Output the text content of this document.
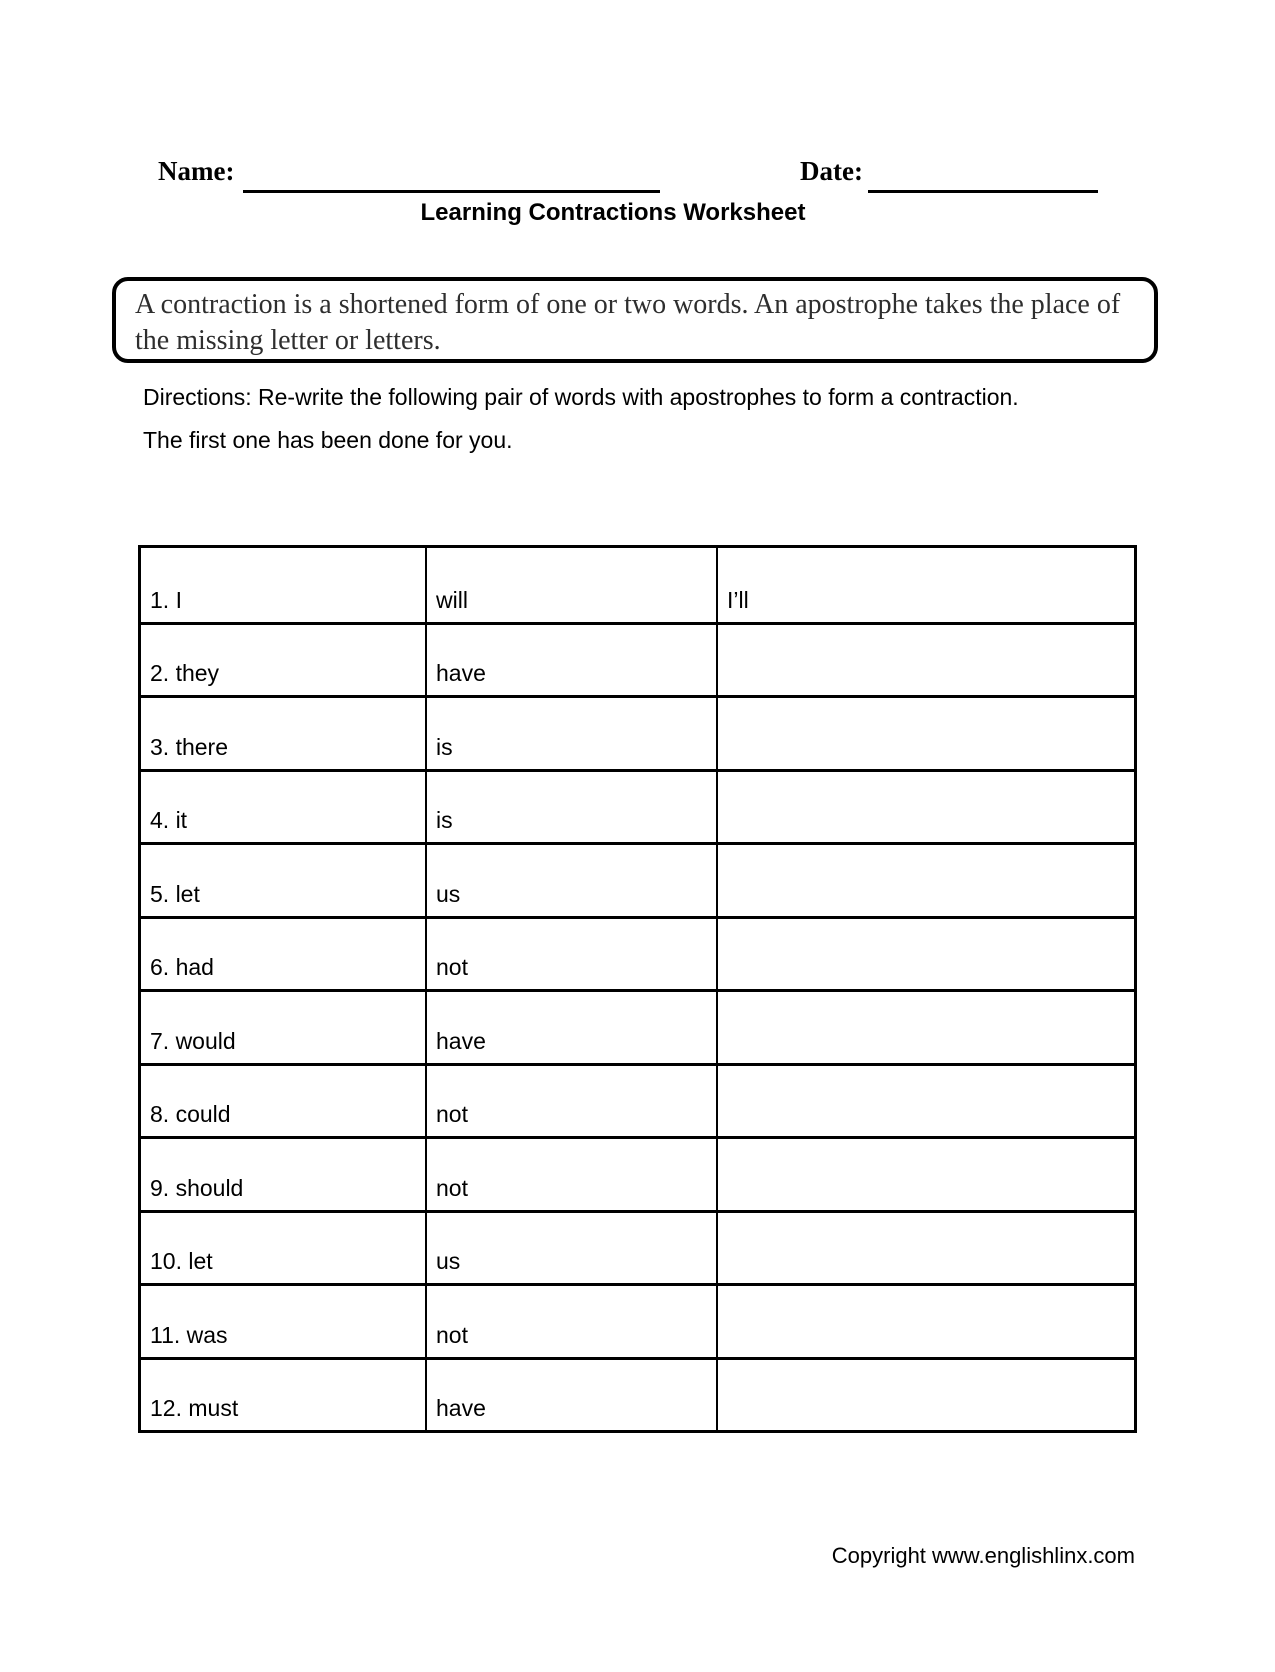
Name:	Date:
Learning Contractions Worksheet
A contraction is a shortened form of one or two words. An apostrophe takes the place of the missing letter or letters.
Directions: Re-write the following pair of words with apostrophes to form a contraction. The first one has been done for you.
1. I	will	I’ll
2. they	have
3. there	is
4. it	is
5. let	us
6. had	not
7. would	have
8. could	not
9. should	not
10. let	us
11. was	not
12. must	have
Copyright www.englishlinx.com
